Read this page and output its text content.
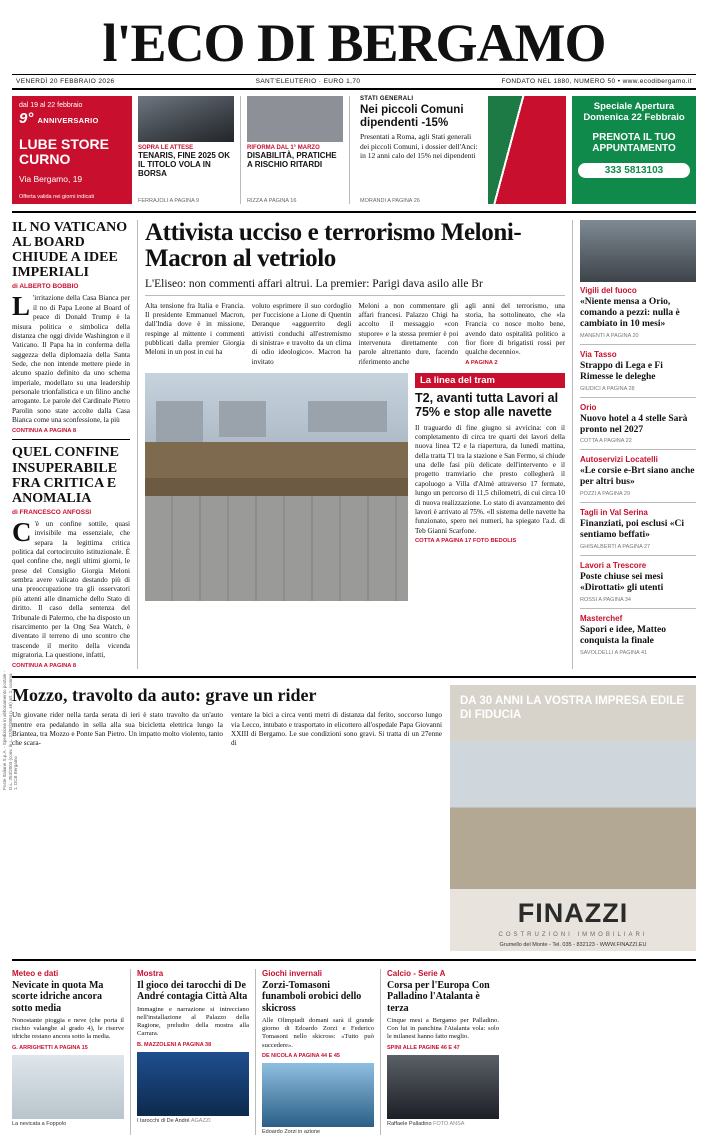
l'ECO DI BERGAMO
VENERDÌ 20 FEBBRAIO 2026	SANT'ELEUTERIO · EURO 1,70	FONDATO NEL 1880, NUMERO 50 • www.ecodibergamo.it
dal 19 al 22 febbraio
9° ANNIVERSARIO
LUBE STORE CURNO
Via Bergamo, 19
Offerta valida nei giorni indicati
SOPRA LE ATTESE
TENARIS, FINE 2025 OK IL TITOLO VOLA IN BORSA
FERRAJOLI A PAGINA 9
RIFORMA DAL 1° MARZO
DISABILITÀ, PRATICHE A RISCHIO RITARDI
RIZZA A PAGINA 16
STATI GENERALI
Nei piccoli Comuni dipendenti -15%
Presentati a Roma, agli Stati generali dei piccoli Comuni, i dossier dell'Anci: in 12 anni calo del 15% nei dipendenti
MORANDI A PAGINA 26
Speciale Apertura Domenica 22 Febbraio
PRENOTA IL TUO APPUNTAMENTO
333 5813103
IL NO VATICANO AL BOARD CHIUDE A IDEE IMPERIALI
di ALBERTO BOBBIO
L 'irritazione della Casa Bianca per il no di Papa Leone al Board of peace di Donald Trump è la misura politica e simbolica della distanza che oggi divide Washington e il Vaticano. Il Papa ha in conferma della saggezza della diplomazia della Santa Sede, che non intende mettere piede in alcuno spazio definito da uno schema imperiale, modellato su una leadership personale trionfalistica e un filino anche arrogante. Le parole del Cardinale Pietro Parolin sono state accolte dalla Casa Bianca come una sconfessione, la più
CONTINUA A PAGINA 8
QUEL CONFINE INSUPERABILE FRA CRITICA E ANOMALIA
di FRANCESCO ANFOSSI
C 'è un confine sottile, quasi invisibile ma essenziale, che separa la legittima critica politica dal cortocircuito istituzionale. È quel confine che, negli ultimi giorni, le prese del Consiglio Giorgia Meloni sembra avere valicato destando più di una preoccupazione tra gli osservatori più attenti alle dinamiche dello Stato di diritto. Il caso della sentenza del Tribunale di Palermo, che ha disposto un risarcimento per la Ong Sea Watch, è diventato il terreno di uno scontro che trascende il merito della vicenda migratoria. La questione, infatti,
CONTINUA A PAGINA 8
Attivista ucciso e terrorismo Meloni-Macron al vetriolo
L'Eliseo: non commenti affari altrui. La premier: Parigi dava asilo alle Br
Alta tensione fra Italia e Francia. Il presidente Emmanuel Macron, dall'India dove è in missione, respinge al mittente i commenti pubblicati dalla premier Giorgia Meloni in un post in cui ha
voluto esprimere il suo cordoglio per l'uccisione a Lione di Quentin Deranque «agguerrito degli attivisti conduchi all'estremismo di sinistra» e travolto da un clima di odio ideologico». Macron ha invitato
Meloni a non commentare gli affari francesi. Palazzo Chigi ha accolto il messaggio «con stupore» e la stessa premier è poi intervenuta direttamente con parole altrettanto dure, facendo riferimento anche
agli anni del terrorismo, una storia, ha sottolineato, che «la Francia co nosce molto bene, avendo dato ospitalità politico a fior fiore di brigatisti rossi per qualche decennio».
A PAGINA 2
La linea del tram
T2, avanti tutta Lavori al 75% e stop alle navette
Il traguardo di fine giugno si avvicina: con il completamento di circa tre quarti dei lavori della nuova linea T2 e la riapertura, da lunedì mattina, della tratta T1 tra la stazione e San Fermo, si chiude una delle fasi più delicate dell'intervento e il progetto tramviario che presto collegherà il capoluogo a Villa d'Almè attraverso 17 fermate, lungo un percorso di 11,5 chilometri, di cui circa 10 di nuova realizzazione. Lo stato di avanzamento dei lavori è arrivato al 75%. «Il sistema delle navette ha funzionato, spero nei numeri, ha spiegato l'a.d. di Teb Gianni Scarfone.
COTTA A PAGINA 17 FOTO BEDOLIS
Vigili del fuoco
«Niente mensa a Orio, comando a pezzi: nulla è cambiato in 10 mesi»
MANENTI A PAGINA 20
Via Tasso
Strappo di Lega e Fi Rimesse le deleghe
GIUDICI A PAGINA 28
Orio
Nuovo hotel a 4 stelle Sarà pronto nel 2027
COTTA A PAGINA 22
Autoservizi Locatelli
«Le corsie e-Brt siano anche per altri bus»
POZZI A PAGINA 29
Tagli in Val Serina
Finanziati, poi esclusi «Ci sentiamo beffati»
GHISALBERTI A PAGINA 27
Lavori a Trescore
Poste chiuse sei mesi «Dirottati» gli utenti
ROSSI A PAGINA 34
Masterchef
Sapori e idee, Matteo conquista la finale
SAVOLDELLI A PAGINA 41
Mozzo, travolto da auto: grave un rider
Un giovane rider nella tarda serata di ieri è stato travolto da un'auto mentre era pedalando in sella alla sua bicicletta elettrica lungo la Briantea, tra Mozzo e Ponte San Pietro. Un impatto molto violento, tanto che scara-
ventare la bici a circa venti metri di distanza dal ferito, soccorso lungo via Lecco, intubato e trasportato in elicottero all'ospedale Papa Giovanni XXIII di Bergamo. Le sue condizioni sono gravi. Si tratta di un 27enne di
DA 30 ANNI LA VOSTRA IMPRESA EDILE DI FIDUCIA
FINAZZI
COSTRUZIONI IMMOBILIARI
Grumello del Monte - Tel. 035 - 832123 - WWW.FINAZZI.EU
Meteo e dati
Nevicate in quota Ma scorte idriche ancora sotto media
Nonostante pioggia e neve (che porta il rischio valanghe al grado 4), le riserve idriche restano ancora sotto la media.
G. ARRIGHETTI A PAGINA 15
La nevicata a Foppolo
Mostra
Il gioco dei tarocchi di De André contagia Città Alta
Immagine e narrazione si intrecciano nell'installazione al Palazzo della Ragione, preludio della mostra alla Carrara.
B. MAZZOLENI A PAGINA 38
I tarocchi di De André AGAZZI
Giochi invernali
Zorzi-Tomasoni funamboli orobici dello skicross
Alle Olimpiadi domani sarà il grande giorno di Edoardo Zorzi e Federico Tomasoni nello skicross: «Tutto può succedere».
DE NICOLA A PAGINA 44 E 45
Edoardo Zorzi in azione
Calcio - Serie A
Corsa per l'Europa Con Palladino l'Atalanta è terza
Cinque mesi a Bergamo per Palladino. Con lui in panchina l'Atalanta vola: solo le milanesi hanno fatto meglio.
SPINI ALLE PAGINE 46 E 47
Raffaele Palladino FOTO ANSA
Poste Italiane S.p.A. - Spedizione in abbonamento postale - D.L. 353/2003 (conv. in L. 27/02/2004 n. 46) art. 1, comma 1, DCB Bergamo
